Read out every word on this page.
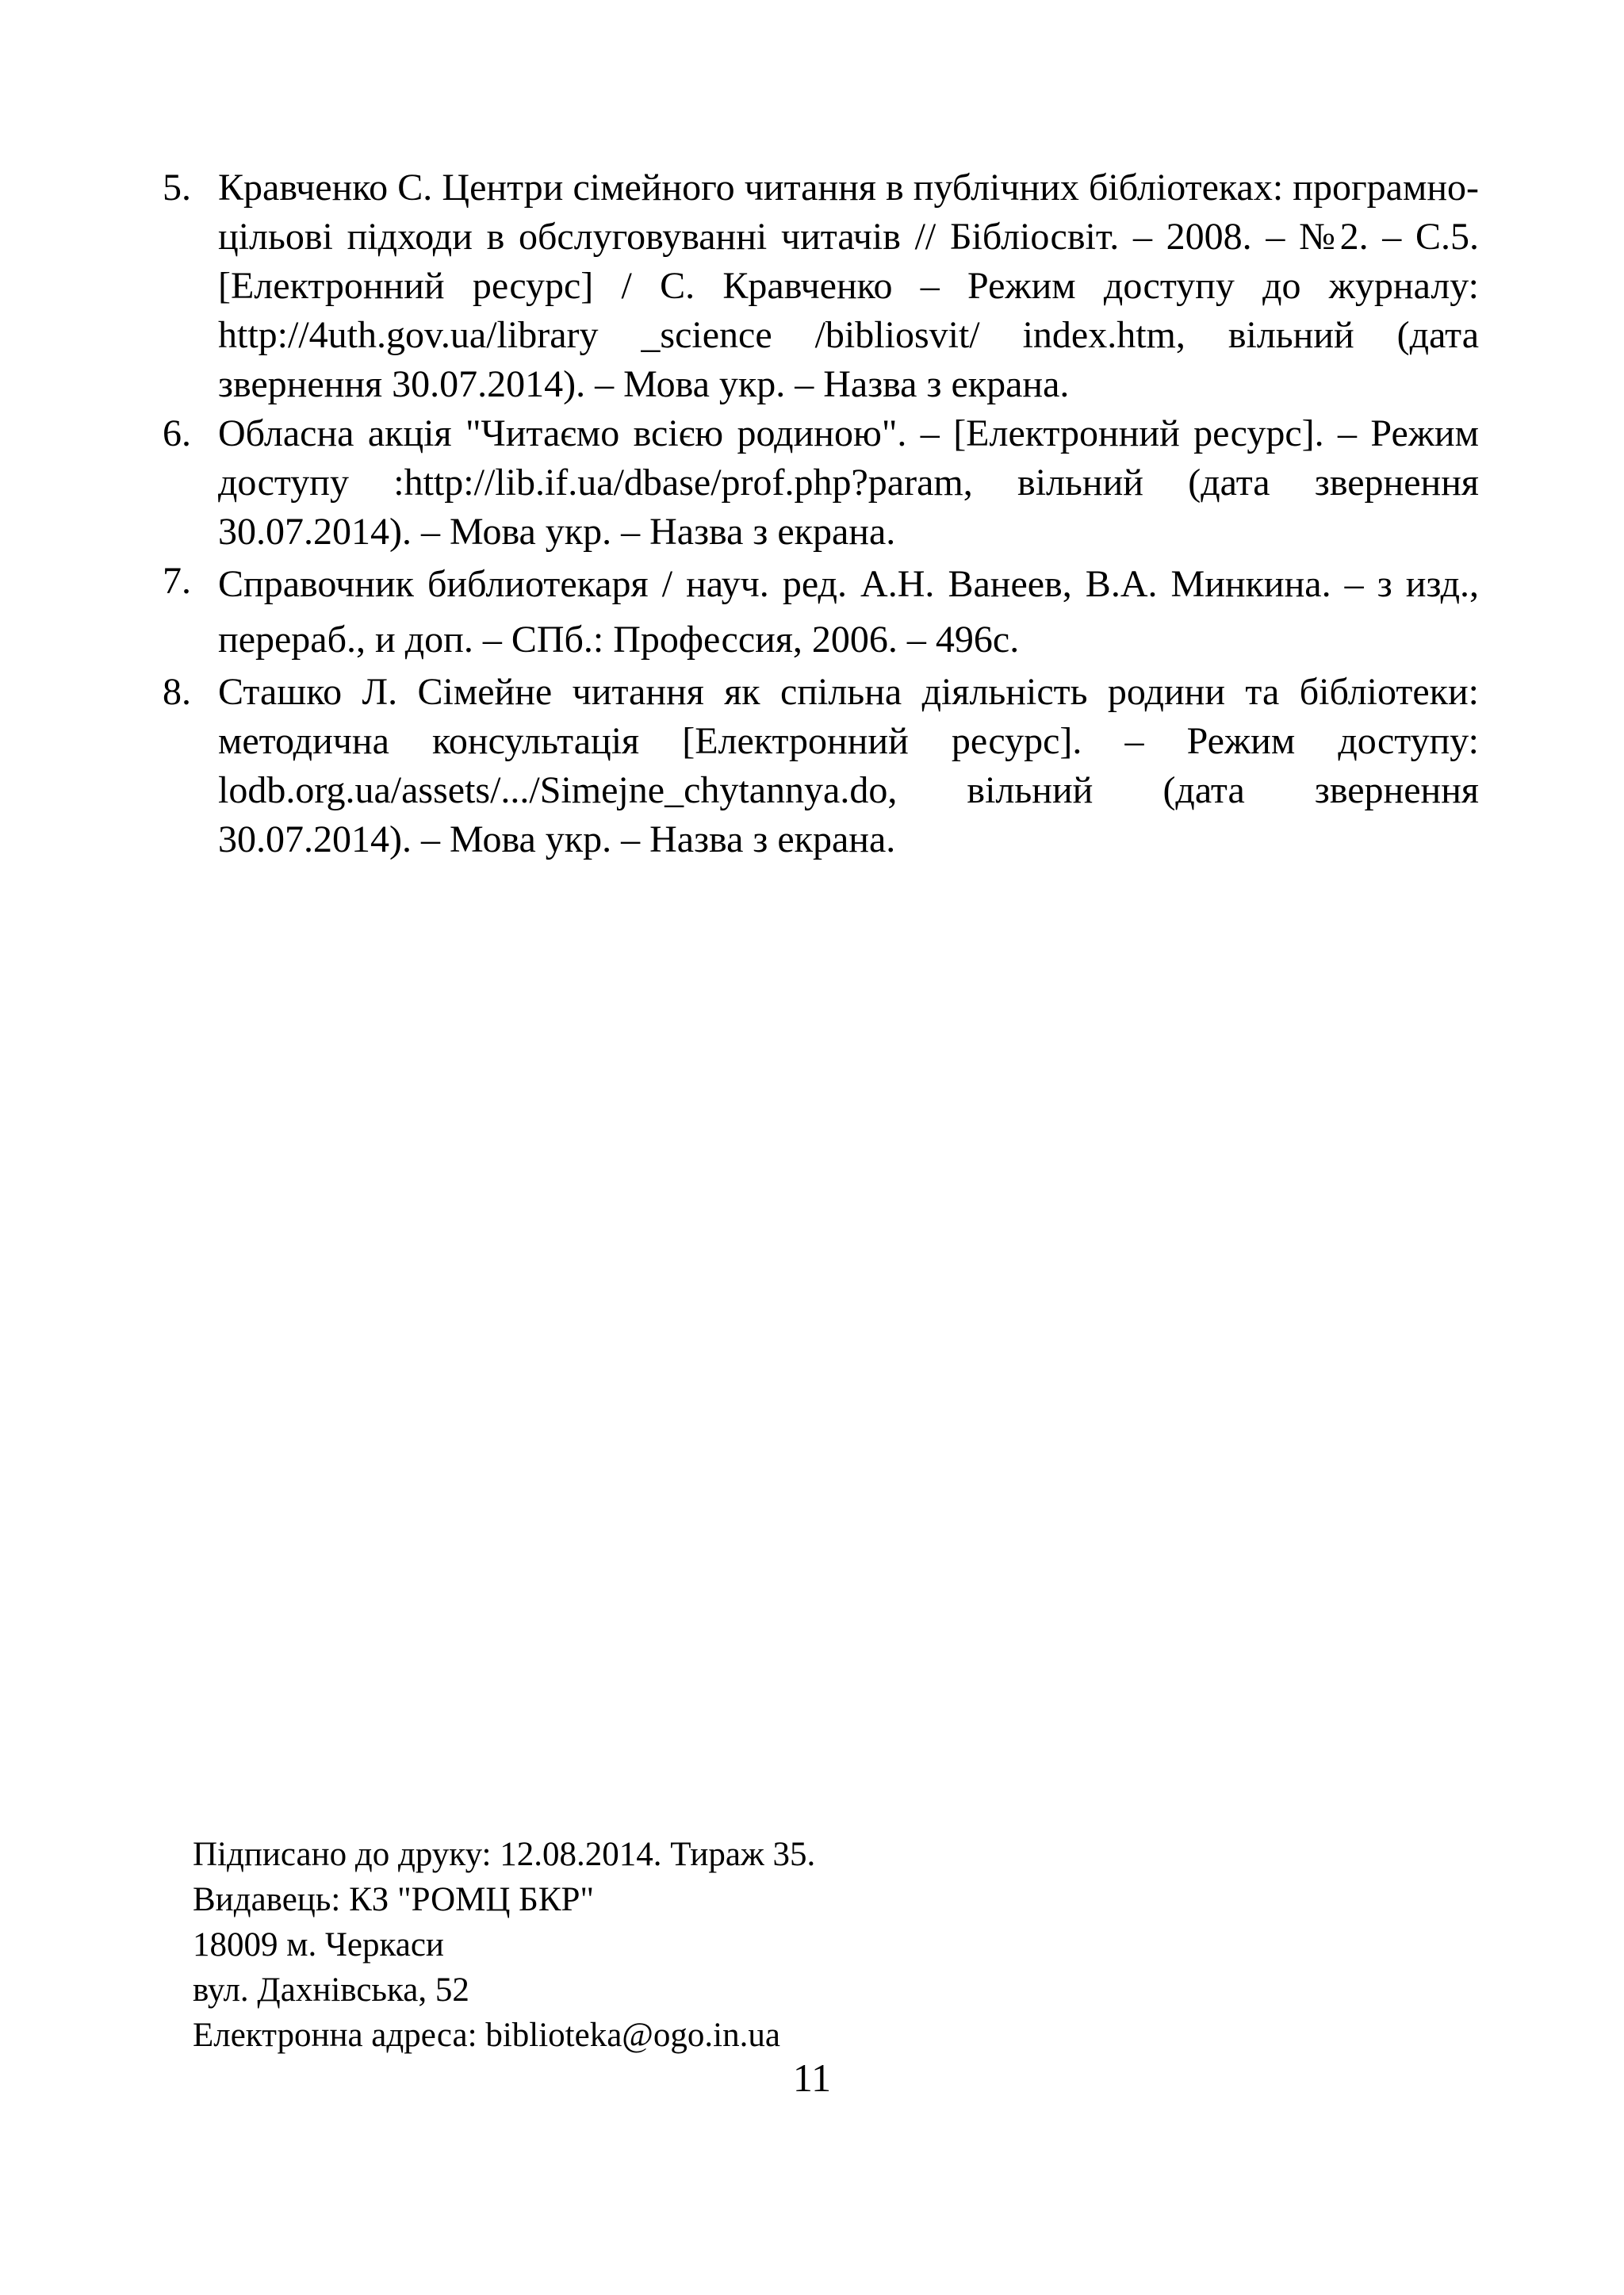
5. Кравченко С. Центри сімейного читання в публічних бібліотеках: програмно-цільові підходи в обслуговуванні читачів // Бібліосвіт. – 2008. – №2. – С.5. [Електронний ресурс] / С. Кравченко – Режим доступу до журналу: http://4uth.gov.ua/library _science /bibliosvit/ index.htm, вільний (дата звернення 30.07.2014). – Мова укр. – Назва з екрана.
6. Обласна акція "Читаємо всією родиною". – [Електронний ресурс]. – Режим доступу :http://lib.if.ua/dbase/prof.php?param, вільний (дата звернення 30.07.2014). – Мова укр. – Назва з екрана.
7. Справочник библиотекаря / науч. ред. А.Н. Ванеев, В.А. Минкина. – з изд., перераб., и доп. – СПб.: Профессия, 2006. – 496с.
8. Сташко Л. Сімейне читання як спільна діяльність родини та бібліотеки: методична консультація [Електронний ресурс]. – Режим доступу: lodb.org.ua/assets/.../Simejne_chytannya.do, вільний (дата звернення 30.07.2014). – Мова укр. – Назва з екрана.
Підписано до друку: 12.08.2014. Тираж 35.
Видавець: КЗ "РОМЦ БКР"
18009 м. Черкаси
вул. Дахнівська, 52
Електронна адреса: biblioteka@ogo.in.ua
11
